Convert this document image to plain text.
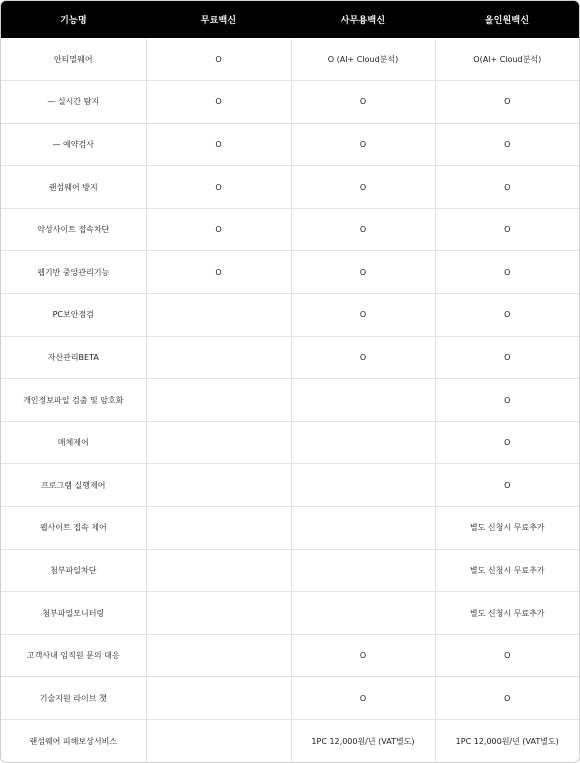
기능명	무료백신	사무용백신	올인원백신
안티멀웨어	O	O (AI+ Cloud분석)	O(AI+ Cloud분석)
— 실시간 탐지	O	O	O
— 예약검사	O	O	O
랜섬웨어 방지	O	O	O
악성사이트 접속차단	O	O	O
웹기반 중앙관리기능	O	O	O
PC보안점검		O	O
자산관리BETA		O	O
개인정보파일 검출 및 암호화			O
매체제어			O
프로그램 실행제어			O
웹사이트 접속 제어			별도 신청시 무료추가
첨부파일차단			별도 신청시 무료추가
첨부파일모니터링			별도 신청시 무료추가
고객사내 임직원 문의 대응		O	O
기술지원 라이브 챗		O	O
랜섬웨어 피해보상서비스		1PC 12,000원/년 (VAT별도)	1PC 12,000원/년 (VAT별도)
